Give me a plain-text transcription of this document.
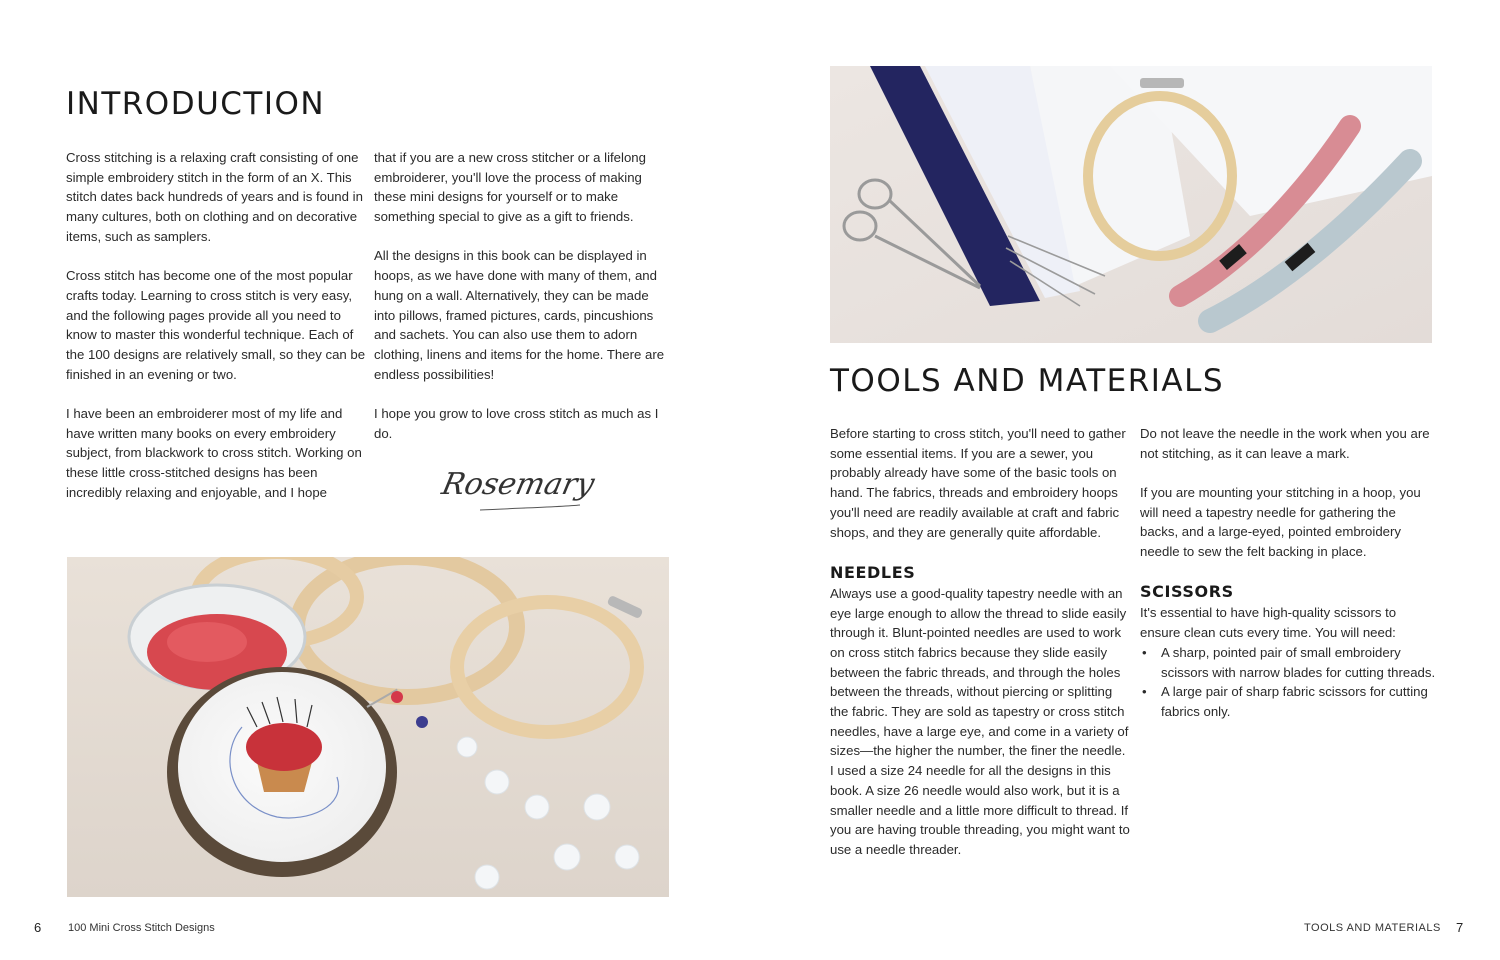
INTRODUCTION

Cross stitching is a relaxing craft consisting of one simple embroidery stitch in the form of an X. This stitch dates back hundreds of years and is found in many cultures, both on clothing and on decorative items, such as samplers.

Cross stitch has become one of the most popular crafts today. Learning to cross stitch is very easy, and the following pages provide all you need to know to master this wonderful technique. Each of the 100 designs are relatively small, so they can be finished in an evening or two.

I have been an embroiderer most of my life and have written many books on every embroidery subject, from blackwork to cross stitch. Working on these little cross-stitched designs has been incredibly relaxing and enjoyable, and I hope

that if you are a new cross stitcher or a lifelong embroiderer, you'll love the process of making these mini designs for yourself or to make something special to give as a gift to friends.

All the designs in this book can be displayed in hoops, as we have done with many of them, and hung on a wall. Alternatively, they can be made into pillows, framed pictures, cards, pincushions and sachets. You can also use them to adorn clothing, linens and items for the home. There are endless possibilities!

I hope you grow to love cross stitch as much as I do.

Rosemary
6 100 Mini Cross Stitch Designs
TOOLS AND MATERIALS

Before starting to cross stitch, you'll need to gather some essential items. If you are a sewer, you probably already have some of the basic tools on hand. The fabrics, threads and embroidery hoops you'll need are readily available at craft and fabric shops, and they are generally quite affordable.

NEEDLES

Always use a good-quality tapestry needle with an eye large enough to allow the thread to slide easily through it. Blunt-pointed needles are used to work on cross stitch fabrics because they slide easily between the fabric threads, and through the holes between the threads, without piercing or splitting the fabric. They are sold as tapestry or cross stitch needles, have a large eye, and come in a variety of sizes—the higher the number, the finer the needle. I used a size 24 needle for all the designs in this book. A size 26 needle would also work, but it is a smaller needle and a little more difficult to thread. If you are having trouble threading, you might want to use a needle threader.

Do not leave the needle in the work when you are not stitching, as it can leave a mark.

If you are mounting your stitching in a hoop, you will need a tapestry needle for gathering the backs, and a large-eyed, pointed embroidery needle to sew the felt backing in place.

SCISSORS

It's essential to have high-quality scissors to ensure clean cuts every time. You will need:

• A sharp, pointed pair of small embroidery scissors with narrow blades for cutting threads.
• A large pair of sharp fabric scissors for cutting fabrics only.
TOOLS AND MATERIALS 7
